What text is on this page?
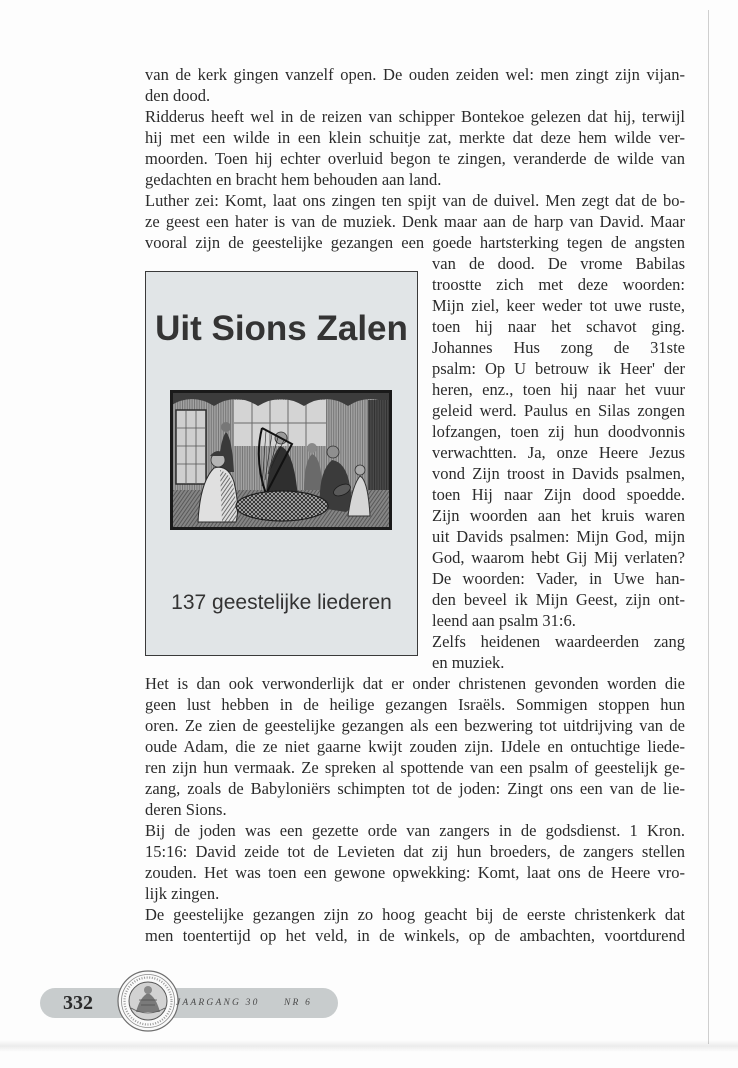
van de kerk gingen vanzelf open. De ouden zeiden wel: men zingt zijn vijan-
den dood.
Ridderus heeft wel in de reizen van schipper Bontekoe gelezen dat hij, terwijl
hij met een wilde in een klein schuitje zat, merkte dat deze hem wilde ver-
moorden. Toen hij echter overluid begon te zingen, veranderde de wilde van
gedachten en bracht hem behouden aan land.
Luther zei: Komt, laat ons zingen ten spijt van de duivel. Men zegt dat de bo-
ze geest een hater is van de muziek. Denk maar aan de harp van David. Maar
vooral zijn de geestelijke gezangen een goede hartsterking tegen de angsten
van de dood. De vrome Babilas
troostte zich met deze woorden:
Mijn ziel, keer weder tot uwe ruste,
toen hij naar het schavot ging.
Johannes Hus zong de 31ste
psalm: Op U betrouw ik Heer' der
heren, enz., toen hij naar het vuur
geleid werd. Paulus en Silas zongen
lofzangen, toen zij hun doodvonnis
verwachtten. Ja, onze Heere Jezus
vond Zijn troost in Davids psalmen,
toen Hij naar Zijn dood spoedde.
Zijn woorden aan het kruis waren
uit Davids psalmen: Mijn God, mijn
God, waarom hebt Gij Mij verlaten?
De woorden: Vader, in Uwe han-
den beveel ik Mijn Geest, zijn ont-
leend aan psalm 31:6.
Zelfs heidenen waardeerden zang
en muziek.
Het is dan ook verwonderlijk dat er onder christenen gevonden worden die
geen lust hebben in de heilige gezangen Israëls. Sommigen stoppen hun
oren. Ze zien de geestelijke gezangen als een bezwering tot uitdrijving van de
oude Adam, die ze niet gaarne kwijt zouden zijn. IJdele en ontuchtige liede-
ren zijn hun vermaak. Ze spreken al spottende van een psalm of geestelijk ge-
zang, zoals de Babyloniërs schimpten tot de joden: Zingt ons een van de lie-
deren Sions.
Bij de joden was een gezette orde van zangers in de godsdienst. 1 Kron.
15:16: David zeide tot de Levieten dat zij hun broeders, de zangers stellen
zouden. Het was toen een gewone opwekking: Komt, laat ons de Heere vro-
lijk zingen.
De geestelijke gezangen zijn zo hoog geacht bij de eerste christenkerk dat
men toentertijd op het veld, in de winkels, op de ambachten, voortdurend
Uit Sions Zalen
137 geestelijke liederen
332	JAARGANG 30	NR 6
